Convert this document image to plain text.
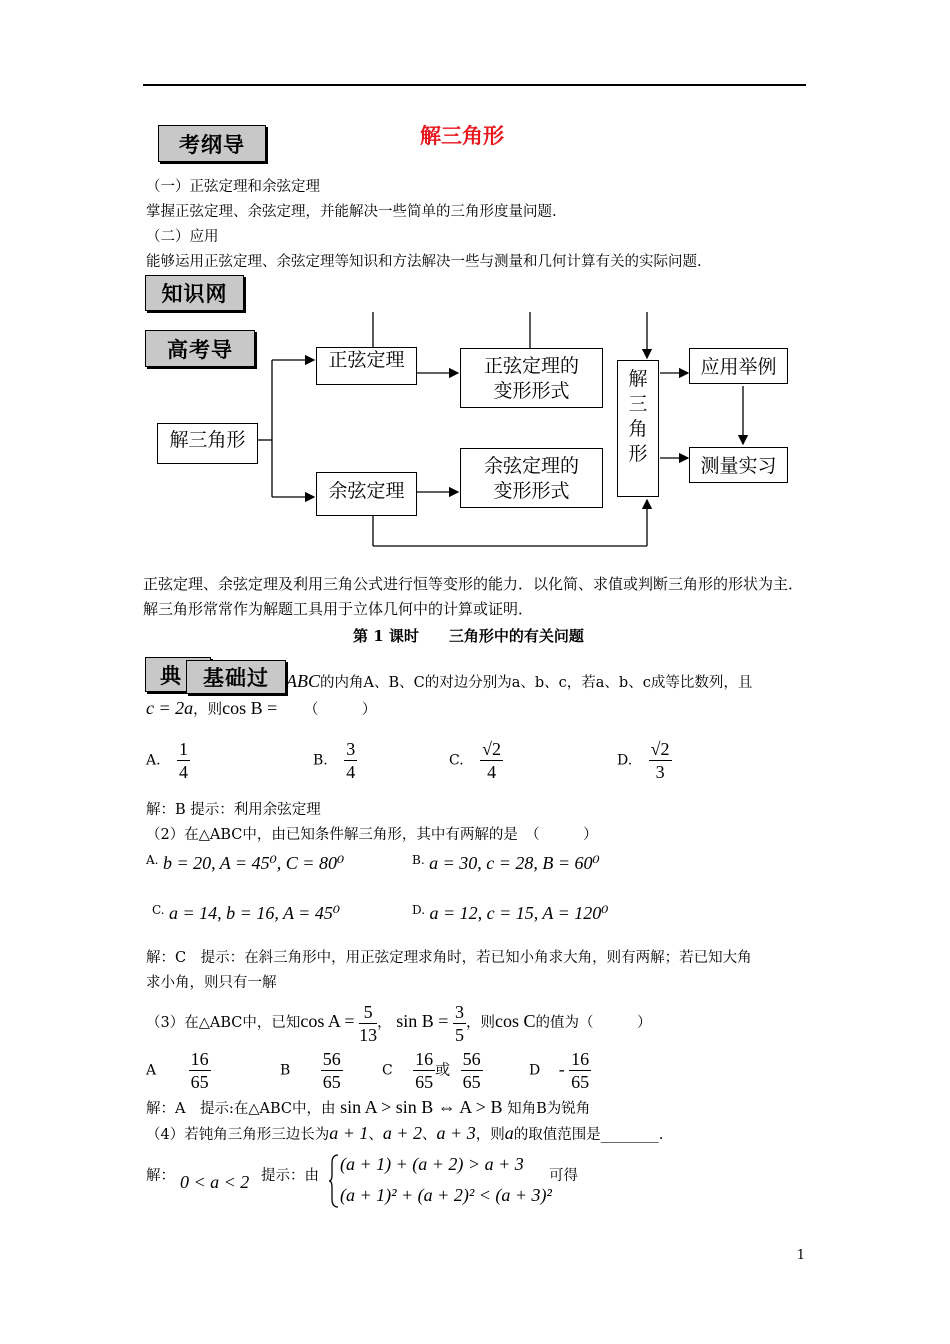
考纲导	解三角形
（一）正弦定理和余弦定理
掌握正弦定理、余弦定理，并能解决一些简单的三角形度量问题.
（二）应用
能够运用正弦定理、余弦定理等知识和方法解决一些与测量和几何计算有关的实际问题.
知识网
高考导
解三角形
正弦定理
余弦定理
正弦定理的变形形式
余弦定理的变形形式
解三角形
应用举例
测量实习
正弦定理、余弦定理及利用三角公式进行恒等变形的能力．以化简、求值或判断三角形的形状为主．解三角形常常作为解题工具用于立体几何中的计算或证明．
第 1 课时　　三角形中的有关问题
典	基础过 ABC的内角A、B、C的对边分别为a、b、c，若a、b、c成等比数列，且
c = 2a，则cos B = （　　　）
A. $\frac{1}{4}$	B. $\frac{3}{4}$	C. $\frac{√2}{4}$	D. $\frac{√2}{3}$
解：B 提示：利用余弦定理
（2）在△ABC中，由已知条件解三角形，其中有两解的是　（　　　）
A. b = 20, A = 45⁰, C = 80⁰	B. a = 30, c = 28, B = 60⁰
C. a = 14, b = 16, A = 45⁰	D. a = 12, c = 15, A = 120⁰
解：C　提示：在斜三角形中，用正弦定理求角时，若已知小角求大角，则有两解；若已知大角
求小角，则只有一解
（3）在△ABC中，已知$\cos A = \frac{5}{13}$ ， $\sin B = \frac{3}{5}$ ，则cos C的值为（　　　）
A $\frac{16}{65}$	B $\frac{56}{65}$	C $\frac{16}{65}$ 或 $\frac{56}{65}$	D - $\frac{16}{65}$
解：A　提示:在△ABC中，由 sin A > sin B ⇔ A > B 知角B为锐角
（4）若钝角三角形三边长为a + 1、a + 2、a + 3，则a的取值范围是________.
解： 0 < a < 2 提示：由
(a + 1) + (a + 2) > a + 3
(a + 1)² + (a + 2)² < (a + 3)²
可得
1
